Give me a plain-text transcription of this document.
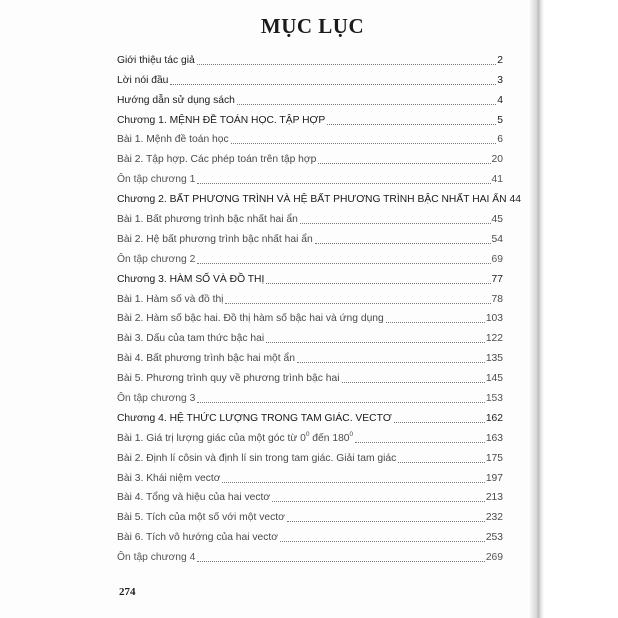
MỤC LỤC
Giới thiệu tác giả	2
Lời nói đầu	3
Hướng dẫn sử dụng sách	4
Chương 1. MỆNH ĐỀ TOÁN HỌC. TẬP HỢP	5
Bài 1. Mệnh đề toán học	6
Bài 2. Tập hợp. Các phép toán trên tập hợp	20
Ôn tập chương 1	41
Chương 2. BẤT PHƯƠNG TRÌNH VÀ HỆ BẤT PHƯƠNG TRÌNH BẬC NHẤT HAI ẨN 44
Bài 1. Bất phương trình bậc nhất hai ẩn	45
Bài 2. Hệ bất phương trình bậc nhất hai ẩn	54
Ôn tập chương 2	69
Chương 3. HÀM SỐ VÀ ĐỒ THỊ	77
Bài 1. Hàm số và đồ thị	78
Bài 2. Hàm số bậc hai. Đồ thị hàm số bậc hai và ứng dụng	103
Bài 3. Dấu của tam thức bậc hai	122
Bài 4. Bất phương trình bậc hai một ẩn	135
Bài 5. Phương trình quy về phương trình bậc hai	145
Ôn tập chương 3	153
Chương 4. HỆ THỨC LƯỢNG TRONG TAM GIÁC. VECTƠ	162
Bài 1. Giá trị lượng giác của một góc từ $0^0$ đến $180^0$	163
Bài 2. Định lí côsin và định lí sin trong tam giác. Giải tam giác	175
Bài 3. Khái niệm vectơ	197
Bài 4. Tổng và hiệu của hai vectơ	213
Bài 5. Tích của một số với một vectơ	232
Bài 6. Tích vô hướng của hai vectơ	253
Ôn tập chương 4	269
274
